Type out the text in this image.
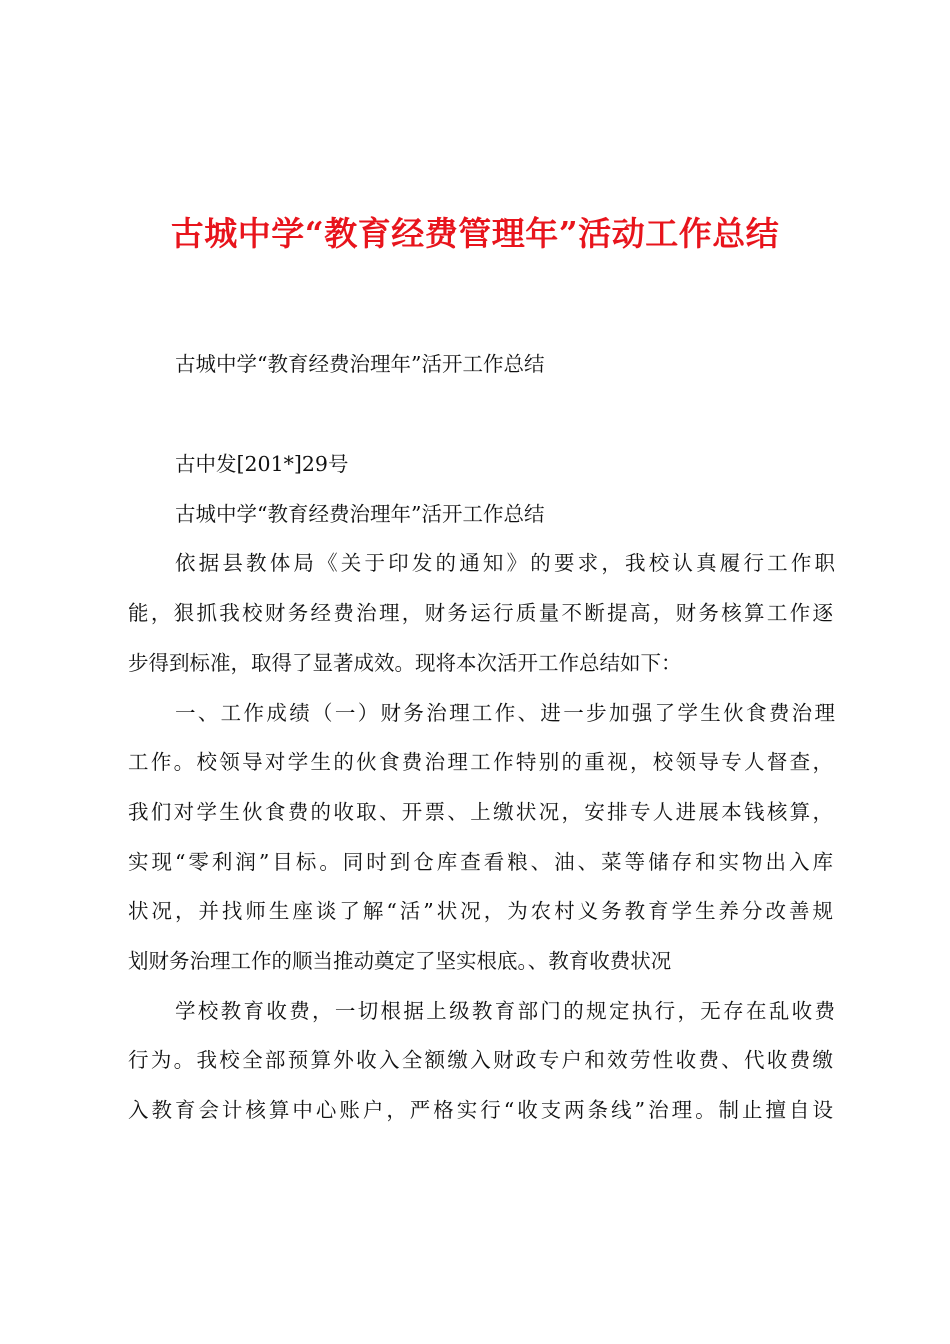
古城中学“教育经费管理年”活动工作总结
古城中学“教育经费治理年”活开工作总结
古中发[201*]29号
古城中学“教育经费治理年”活开工作总结
依据县教体局《关于印发的通知》的要求，我校认真履行工作职
能，狠抓我校财务经费治理，财务运行质量不断提高，财务核算工作逐
步得到标准，取得了显著成效。现将本次活开工作总结如下：
一、工作成绩（一）财务治理工作、进一步加强了学生伙食费治理
工作。校领导对学生的伙食费治理工作特别的重视，校领导专人督查，
我们对学生伙食费的收取、开票、上缴状况，安排专人进展本钱核算，
实现“零利润”目标。同时到仓库查看粮、油、菜等储存和实物出入库
状况，并找师生座谈了解“活”状况，为农村义务教育学生养分改善规
划财务治理工作的顺当推动奠定了坚实根底。、教育收费状况
学校教育收费，一切根据上级教育部门的规定执行，无存在乱收费
行为。我校全部预算外收入全额缴入财政专户和效劳性收费、代收费缴
入教育会计核算中心账户，严格实行“收支两条线”治理。制止擅自设
